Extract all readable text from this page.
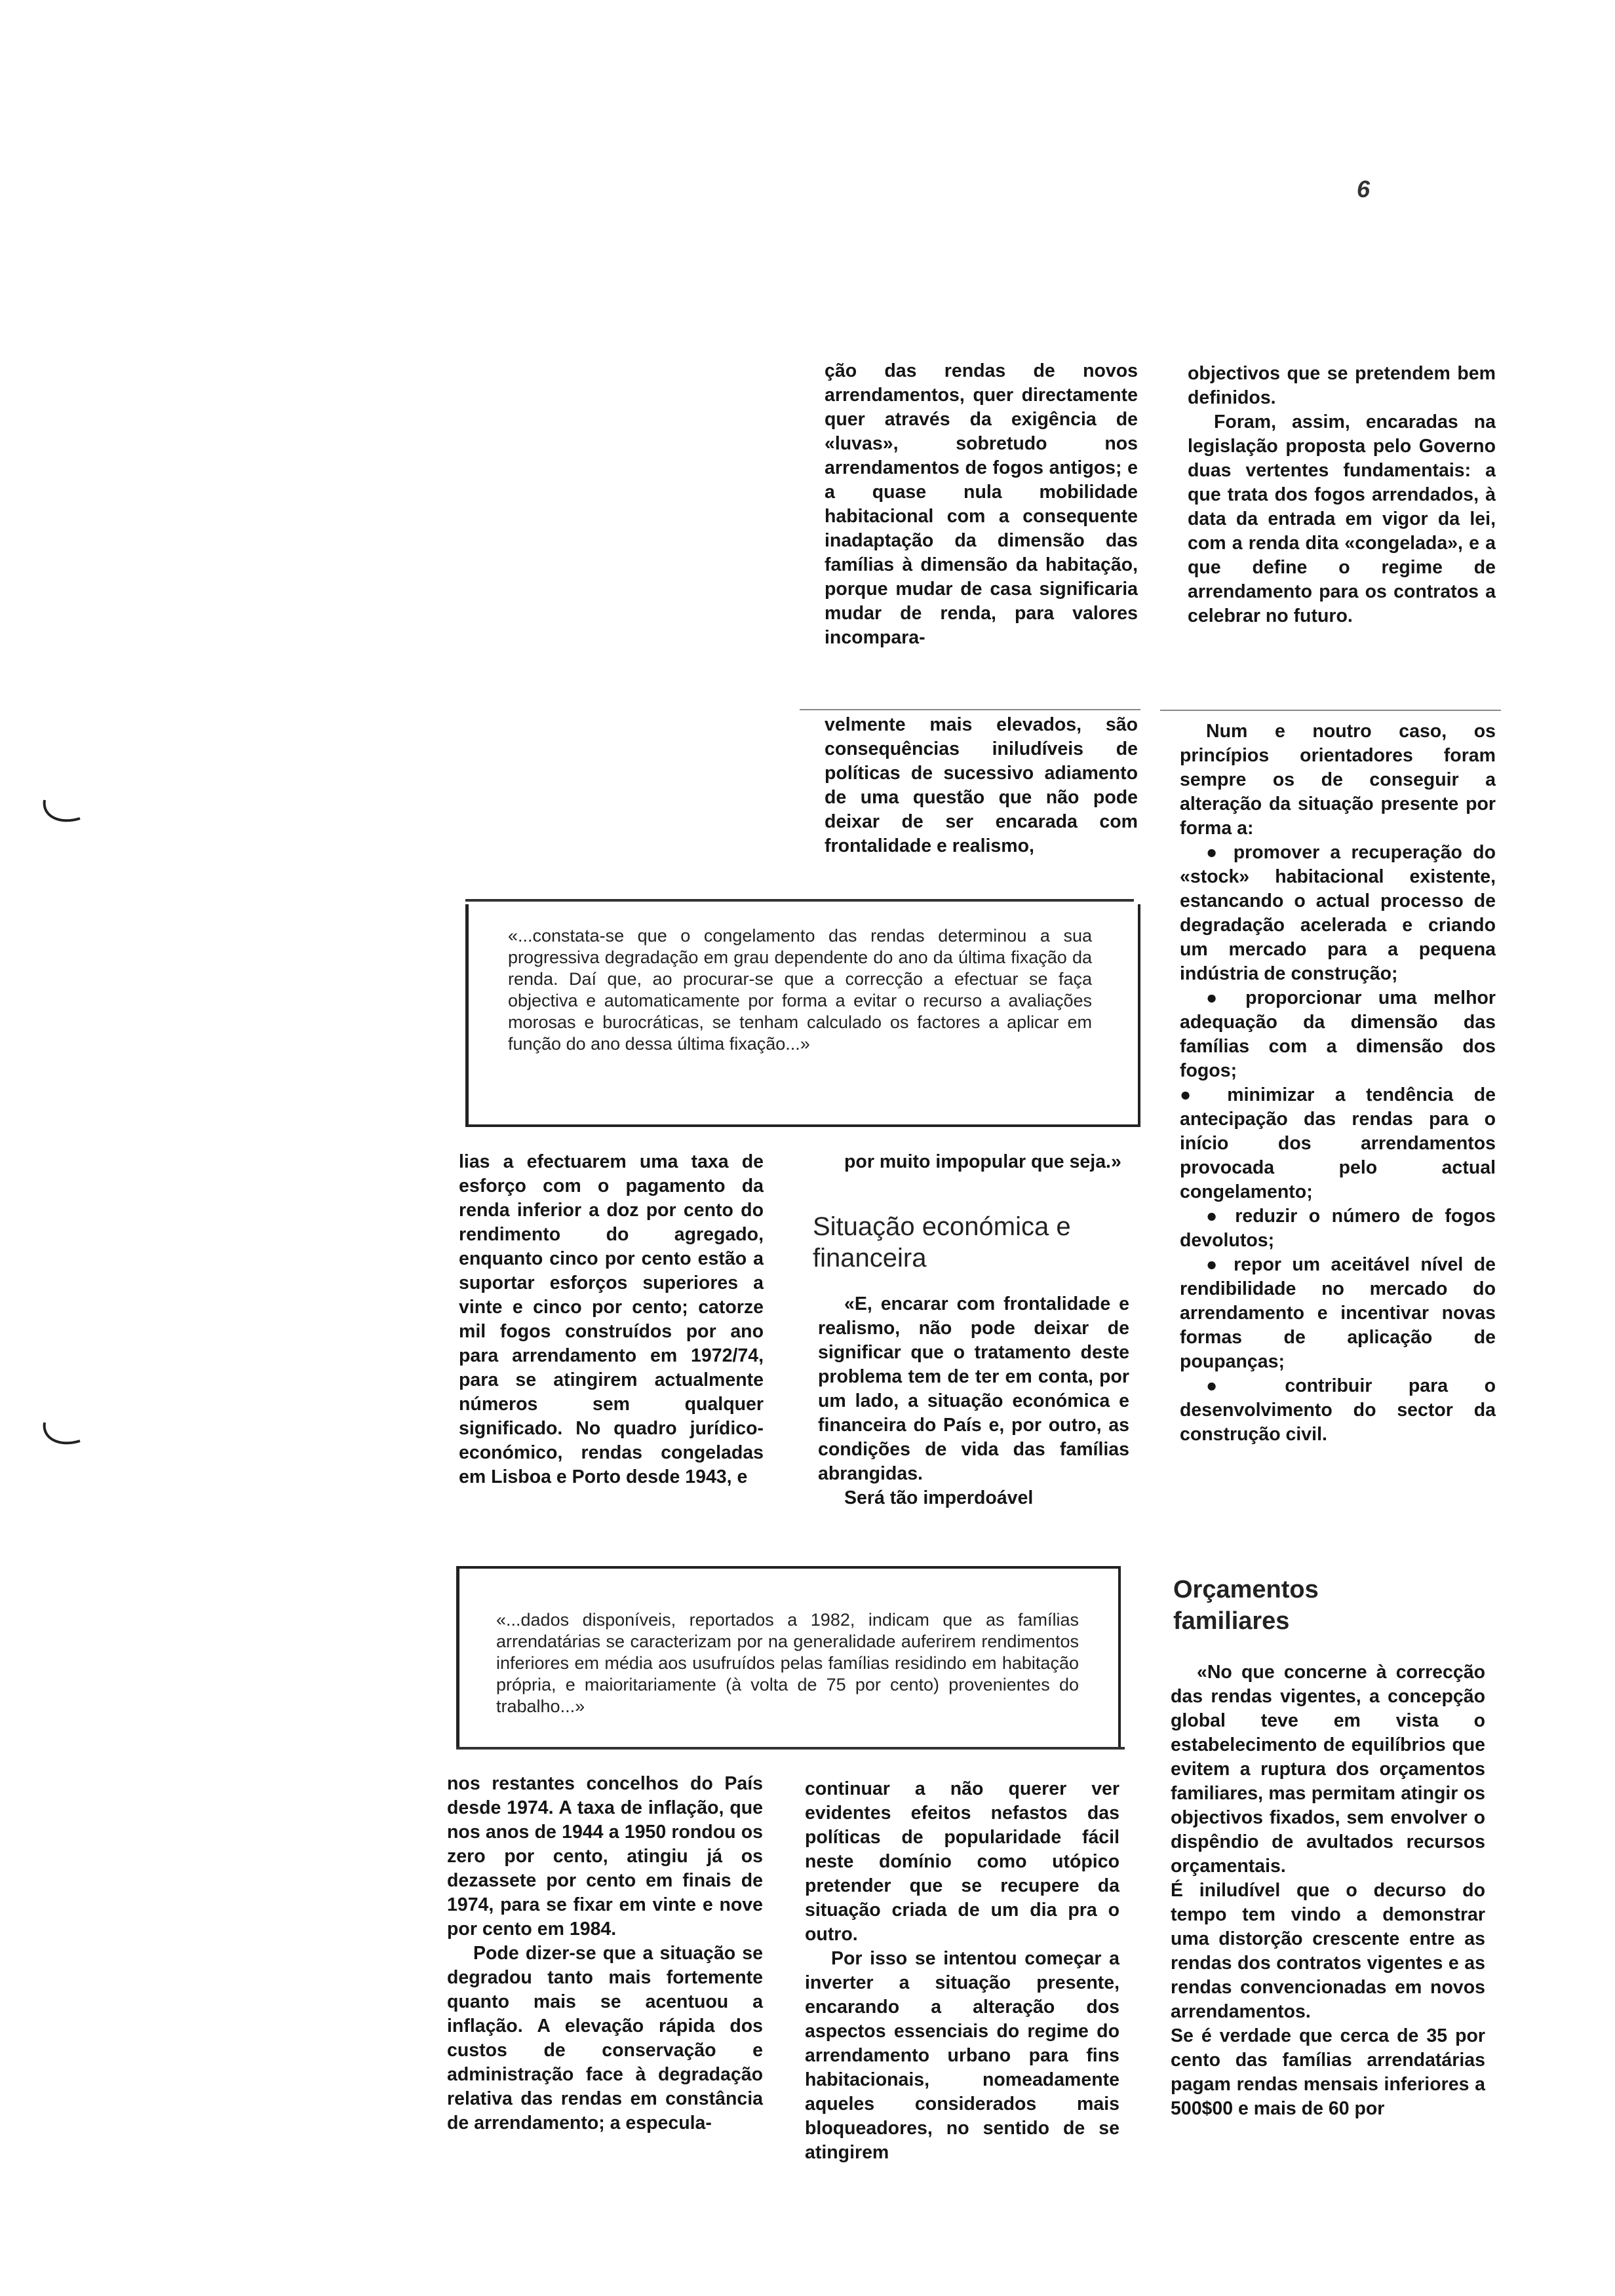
6

ção das rendas de novos arrendamentos, quer directamente quer através da exigência de «luvas», sobretudo nos arrendamentos de fogos antigos; e a quase nula mobilidade habitacional com a consequente inadaptação da dimensão das famílias à dimensão da habitação, porque mudar de casa significaria mudar de renda, para valores incompara-

velmente mais elevados, são consequências iniludíveis de políticas de sucessivo adiamento de uma questão que não pode deixar de ser encarada com frontalidade e realismo,

objectivos que se pretendem bem definidos.

Foram, assim, encaradas na legislação proposta pelo Governo duas vertentes fundamentais: a que trata dos fogos arrendados, à data da entrada em vigor da lei, com a renda dita «congelada», e a que define o regime de arrendamento para os contratos a celebrar no futuro.

Num e noutro caso, os princípios orientadores foram sempre os de conseguir a alteração da situação presente por forma a:

● promover a recuperação do «stock» habitacional existente, estancando o actual processo de degradação acelerada e criando um mercado para a pequena indústria de construção;

● proporcionar uma melhor adequação da dimensão das famílias com a dimensão dos fogos;

● minimizar a tendência de antecipação das rendas para o início dos arrendamentos provocada pelo actual congelamento;

● reduzir o número de fogos devolutos;

● repor um aceitável nível de rendibilidade no mercado do arrendamento e incentivar novas formas de aplicação de poupanças;

● contribuir para o desenvolvimento do sector da construção civil.

«...constata-se que o congelamento das rendas determinou a sua progressiva degradação em grau dependente do ano da última fixação da renda. Daí que, ao procurar-se que a correcção a efectuar se faça objectiva e automaticamente por forma a evitar o recurso a avaliações morosas e burocráticas, se tenham calculado os factores a aplicar em função do ano dessa última fixação...»

lias a efectuarem uma taxa de esforço com o pagamento da renda inferior a doz por cento do rendimento do agregado, enquanto cinco por cento estão a suportar esforços superiores a vinte e cinco por cento; catorze mil fogos construídos por ano para arrendamento em 1972/74, para se atingirem actualmente números sem qualquer significado. No quadro jurídico-económico, rendas congeladas em Lisboa e Porto desde 1943, e

por muito impopular que seja.»

Situação económica e financeira

«E, encarar com frontalidade e realismo, não pode deixar de significar que o tratamento deste problema tem de ter em conta, por um lado, a situação económica e financeira do País e, por outro, as condições de vida das famílias abrangidas.

Será tão imperdoável

«...dados disponíveis, reportados a 1982, indicam que as famílias arrendatárias se caracterizam por na generalidade auferirem rendimentos inferiores em média aos usufruídos pelas famílias residindo em habitação própria, e maioritariamente (à volta de 75 por cento) provenientes do trabalho...»

Orçamentos familiares

nos restantes concelhos do País desde 1974. A taxa de inflação, que nos anos de 1944 a 1950 rondou os zero por cento, atingiu já os dezassete por cento em finais de 1974, para se fixar em vinte e nove por cento em 1984.

Pode dizer-se que a situação se degradou tanto mais fortemente quanto mais se acentuou a inflação. A elevação rápida dos custos de conservação e administração face à degradação relativa das rendas em constância de arrendamento; a especula-

continuar a não querer ver evidentes efeitos nefastos das políticas de popularidade fácil neste domínio como utópico pretender que se recupere da situação criada de um dia pra o outro.

Por isso se intentou começar a inverter a situação presente, encarando a alteração dos aspectos essenciais do regime do arrendamento urbano para fins habitacionais, nomeadamente aqueles considerados mais bloqueadores, no sentido de se atingirem

«No que concerne à correcção das rendas vigentes, a concepção global teve em vista o estabelecimento de equilíbrios que evitem a ruptura dos orçamentos familiares, mas permitam atingir os objectivos fixados, sem envolver o dispêndio de avultados recursos orçamentais.

É iniludível que o decurso do tempo tem vindo a demonstrar uma distorção crescente entre as rendas dos contratos vigentes e as rendas convencionadas em novos arrendamentos.

Se é verdade que cerca de 35 por cento das famílias arrendatárias pagam rendas mensais inferiores a 500$00 e mais de 60 por
